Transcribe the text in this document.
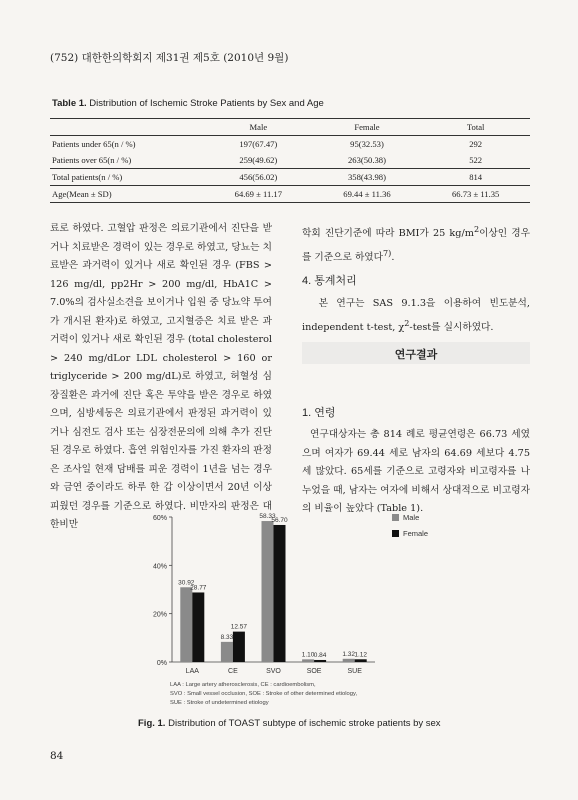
(752) 대한한의학회지 제31권 제5호 (2010년 9월)
Table 1. Distribution of Ischemic Stroke Patients by Sex and Age
	Male	Female	Total
Patients under 65(n / %)	197(67.47)	95(32.53)	292
Patients over 65(n / %)	259(49.62)	263(50.38)	522
Total patients(n / %)	456(56.02)	358(43.98)	814
Age(Mean ± SD)	64.69 ± 11.17	69.44 ± 11.36	66.73 ± 11.35

료로 하였다. 고혈압 판정은 의료기관에서 진단을 받거나 치료받은 경력이 있는 경우로 하였고, 당뇨는 치료받은 과거력이 있거나 새로 확인된 경우 (FBS > 126 mg/dl, pp2Hr > 200 mg/dl, HbA1C > 7.0%의 검사실소견을 보이거나 입원 중 당뇨약 투여가 개시된 환자)로 하였고, 고지혈증은 치료 받은 과거력이 있거나 새로 확인된 경우 (total cholesterol > 240 mg/dLor LDL cholesterol > 160 or triglyceride > 200 mg/dL)로 하였고, 허혈성 심장질환은 과거에 진단 혹은 투약을 받은 경우로 하였으며, 심방세동은 의료기관에서 판정된 과거력이 있거나 심전도 검사 또는 심장전문의에 의해 추가 진단된 경우로 하였다. 흡연 위험인자를 가진 환자의 판정은 조사일 현재 담배를 피운 경력이 1년을 넘는 경우와 금연 중이라도 하루 한 갑 이상이면서 20년 이상 피웠던 경우를 기준으로 하였다. 비만자의 판정은 대한비만

학회 진단기준에 따라 BMI가 25 $kg/m^2$이상인 경우를 기준으로 하였다$^{7)}$.

4. 통계처리

본 연구는 SAS 9.1.3을 이용하여 빈도분석, independent t-test, $\chi^2$-test를 실시하였다.

연구결과
1. 연령

연구대상자는 총 814 례로 평균연령은 66.73 세였으며 여자가 69.44 세로 남자의 64.69 세보다 4.75세 많았다. 65세를 기준으로 고령자와 비고령자를 나누었을 때, 남자는 여자에 비해서 상대적으로 비고령자의 비율이 높았다 (Table 1).

0%
20%
40%
60%
30.92
28.77
LAA
8.33
12.57
CE
58.33
56.70
SVO
1.10 0.84
SOE
1.32 1.12
SUE
Male
Female
LAA : Large artery atherosclerosis, CE : cardioembolism,
SVO : Small vessel occlusion, SOE : Stroke of other determined etiology,
SUE : Stroke of undetermined etiology
Fig. 1. Distribution of TOAST subtype of ischemic stroke patients by sex
84
